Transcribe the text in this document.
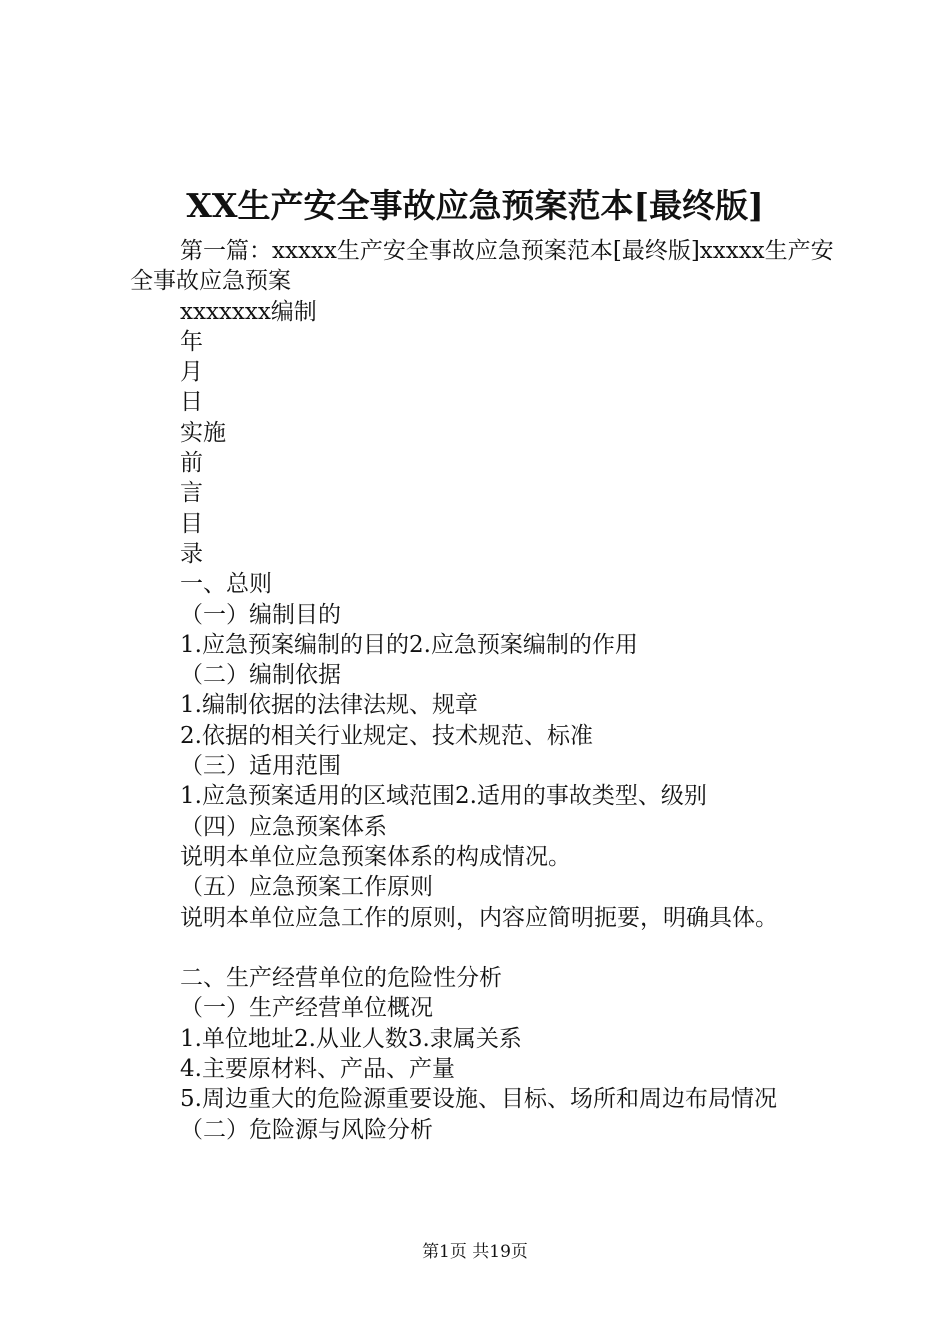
XX生产安全事故应急预案范本[最终版]

第一篇：xxxxx生产安全事故应急预案范本[最终版]xxxxx生产安全事故应急预案

xxxxxxx编制

年

月

日

实施

前

言

目

录

一、总则

（一）编制目的

1.应急预案编制的目的2.应急预案编制的作用

（二）编制依据

1.编制依据的法律法规、规章

2.依据的相关行业规定、技术规范、标准

（三）适用范围

1.应急预案适用的区域范围2.适用的事故类型、级别

（四）应急预案体系

说明本单位应急预案体系的构成情况。

（五）应急预案工作原则

说明本单位应急工作的原则，内容应简明扼要，明确具体。

二、生产经营单位的危险性分析

（一）生产经营单位概况

1.单位地址2.从业人数3.隶属关系

4.主要原材料、产品、产量

5.周边重大的危险源重要设施、目标、场所和周边布局情况

（二）危险源与风险分析

第1页 共19页
